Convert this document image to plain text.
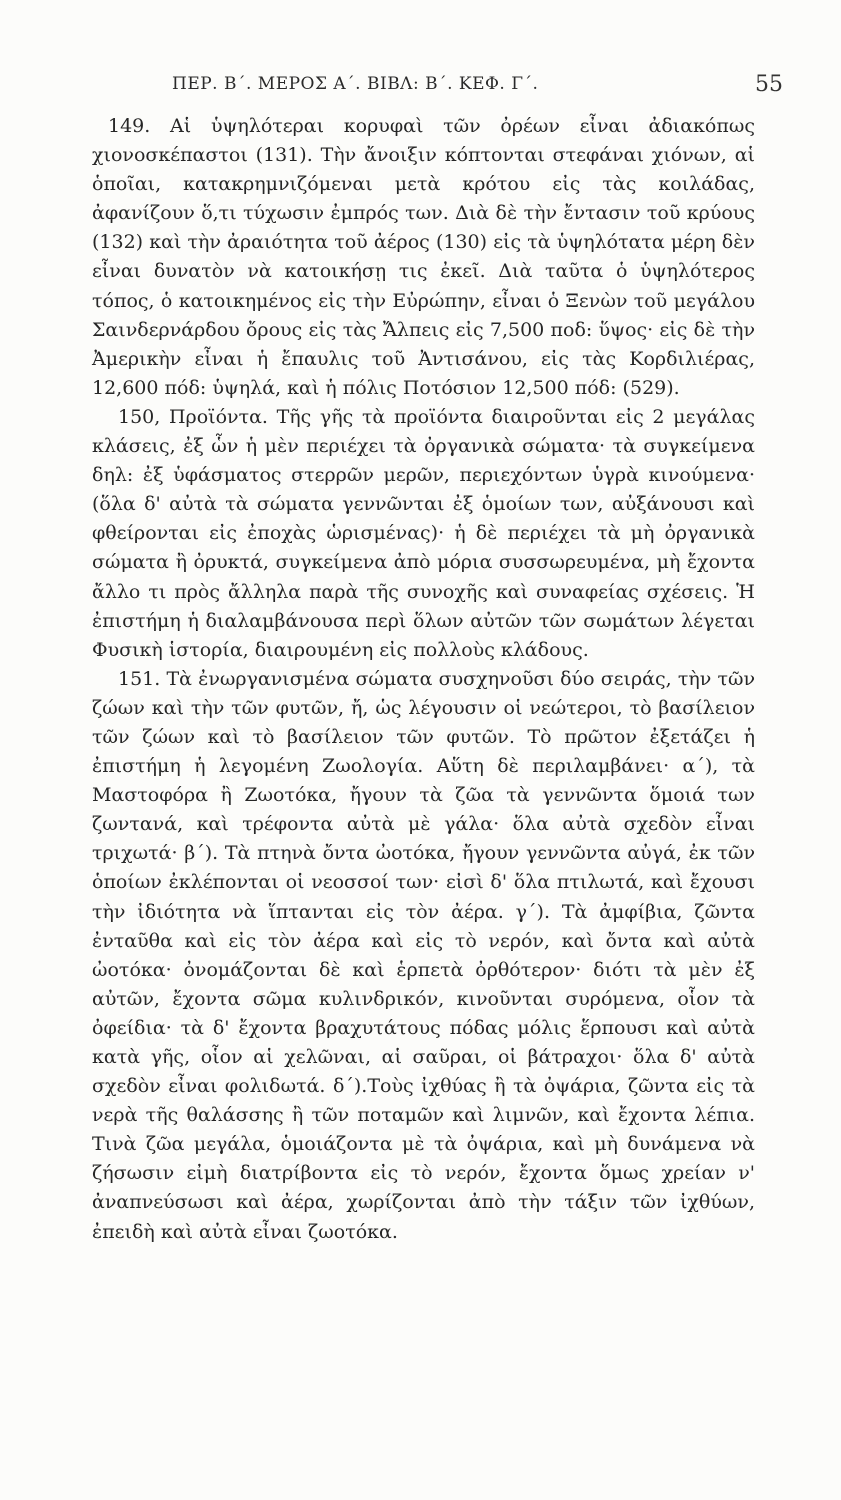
ΠΕΡ. Β΄. ΜΕΡΟΣ Α΄. ΒΙΒΛ: Β΄. ΚΕΦ. Γ΄.	55

149. Αἱ ὑψηλότεραι κορυφαὶ τῶν ὀρέων εἶναι ἀδιακόπως χιονοσκέπαστοι (131). Τὴν ἄνοιξιν κόπτονται στεφάναι χιόνων, αἱ ὁποῖαι, κατακρημνιζόμεναι μετὰ κρότου εἰς τὰς κοιλάδας, ἀφανίζουν ὅ,τι τύχωσιν ἐμπρός των. Διὰ δὲ τὴν ἔντασιν τοῦ κρύους (132) καὶ τὴν ἀραιότητα τοῦ ἀέρος (130) εἰς τὰ ὑψηλότατα μέρη δὲν εἶναι δυνατὸν νὰ κατοικήσῃ τις ἐκεῖ. Διὰ ταῦτα ὁ ὑψηλότερος τόπος, ὁ κατοικημένος εἰς τὴν Εὐρώπην, εἶναι ὁ Ξενὼν τοῦ μεγάλου Σαινδερνάρδου ὄρους εἰς τὰς Ἄλπεις εἰς 7,500 ποδ: ὕψος· εἰς δὲ τὴν Ἀμερικὴν εἶναι ἡ ἔπαυλις τοῦ Ἀντισάνου, εἰς τὰς Κορδιλιέρας, 12,600 πόδ: ὑψηλά, καὶ ἡ πόλις Ποτόσιον 12,500 πόδ: (529).

150, Προϊόντα. Τῆς γῆς τὰ προϊόντα διαιροῦνται εἰς 2 μεγάλας κλάσεις, ἐξ ὧν ἡ μὲν περιέχει τὰ ὀργανικὰ σώματα· τὰ συγκείμενα δηλ: ἐξ ὑφάσματος στερρῶν μερῶν, περιεχόντων ὑγρὰ κινούμενα· (ὅλα δ' αὐτὰ τὰ σώματα γεννῶνται ἐξ ὁμοίων των, αὐξάνουσι καὶ φθείρονται εἰς ἐποχὰς ὡρισμένας)· ἡ δὲ περιέχει τὰ μὴ ὀργανικὰ σώματα ἢ ὀρυκτά, συγκείμενα ἀπὸ μόρια συσσωρευμένα, μὴ ἔχοντα ἄλλο τι πρὸς ἄλληλα παρὰ τῆς συνοχῆς καὶ συναφείας σχέσεις. Ἡ ἐπιστήμη ἡ διαλαμβάνουσα περὶ ὅλων αὐτῶν τῶν σωμάτων λέγεται Φυσικὴ ἱστορία, διαιρουμένη εἰς πολλοὺς κλάδους.

151. Τὰ ἐνωργανισμένα σώματα συσχηνοῦσι δύο σειράς, τὴν τῶν ζώων καὶ τὴν τῶν φυτῶν, ἤ, ὡς λέγουσιν οἱ νεώτεροι, τὸ βασίλειον τῶν ζώων καὶ τὸ βασίλειον τῶν φυτῶν. Τὸ πρῶτον ἐξετάζει ἡ ἐπιστήμη ἡ λεγομένη Ζωολογία. Αὕτη δὲ περιλαμβάνει· α΄), τὰ Μαστοφόρα ἢ Ζωοτόκα, ἤγουν τὰ ζῶα τὰ γεννῶντα ὅμοιά των ζωντανά, καὶ τρέφοντα αὐτὰ μὲ γάλα· ὅλα αὐτὰ σχεδὸν εἶναι τριχωτά· β΄). Τὰ πτηνὰ ὄντα ὠοτόκα, ἤγουν γεννῶντα αὐγά, ἐκ τῶν ὁποίων ἐκλέπονται οἱ νεοσσοί των· εἰσὶ δ' ὅλα πτιλωτά, καὶ ἔχουσι τὴν ἰδιότητα νὰ ἵπτανται εἰς τὸν ἀέρα. γ΄). Τὰ ἀμφίβια, ζῶντα ἐνταῦθα καὶ εἰς τὸν ἀέρα καὶ εἰς τὸ νερόν, καὶ ὄντα καὶ αὐτὰ ὠοτόκα· ὀνομάζονται δὲ καὶ ἑρπετὰ ὀρθότερον· διότι τὰ μὲν ἐξ αὐτῶν, ἔχοντα σῶμα κυλινδρικόν, κινοῦνται συρόμενα, οἷον τὰ ὀφείδια· τὰ δ' ἔχοντα βραχυτάτους πόδας μόλις ἕρπουσι καὶ αὐτὰ κατὰ γῆς, οἷον αἱ χελῶναι, αἱ σαῦραι, οἱ βάτραχοι· ὅλα δ' αὐτὰ σχεδὸν εἶναι φολιδωτά. δ΄).Τοὺς ἰχθύας ἢ τὰ ὀψάρια, ζῶντα εἰς τὰ νερὰ τῆς θαλάσσης ἢ τῶν ποταμῶν καὶ λιμνῶν, καὶ ἔχοντα λέπια. Τινὰ ζῶα μεγάλα, ὁμοιάζοντα μὲ τὰ ὀψάρια, καὶ μὴ δυνάμενα νὰ ζήσωσιν εἰμὴ διατρίβοντα εἰς τὸ νερόν, ἔχοντα ὅμως χρείαν ν' ἀναπνεύσωσι καὶ ἀέρα, χωρίζονται ἀπὸ τὴν τάξιν τῶν ἰχθύων, ἐπειδὴ καὶ αὐτὰ εἶναι ζωοτόκα.
